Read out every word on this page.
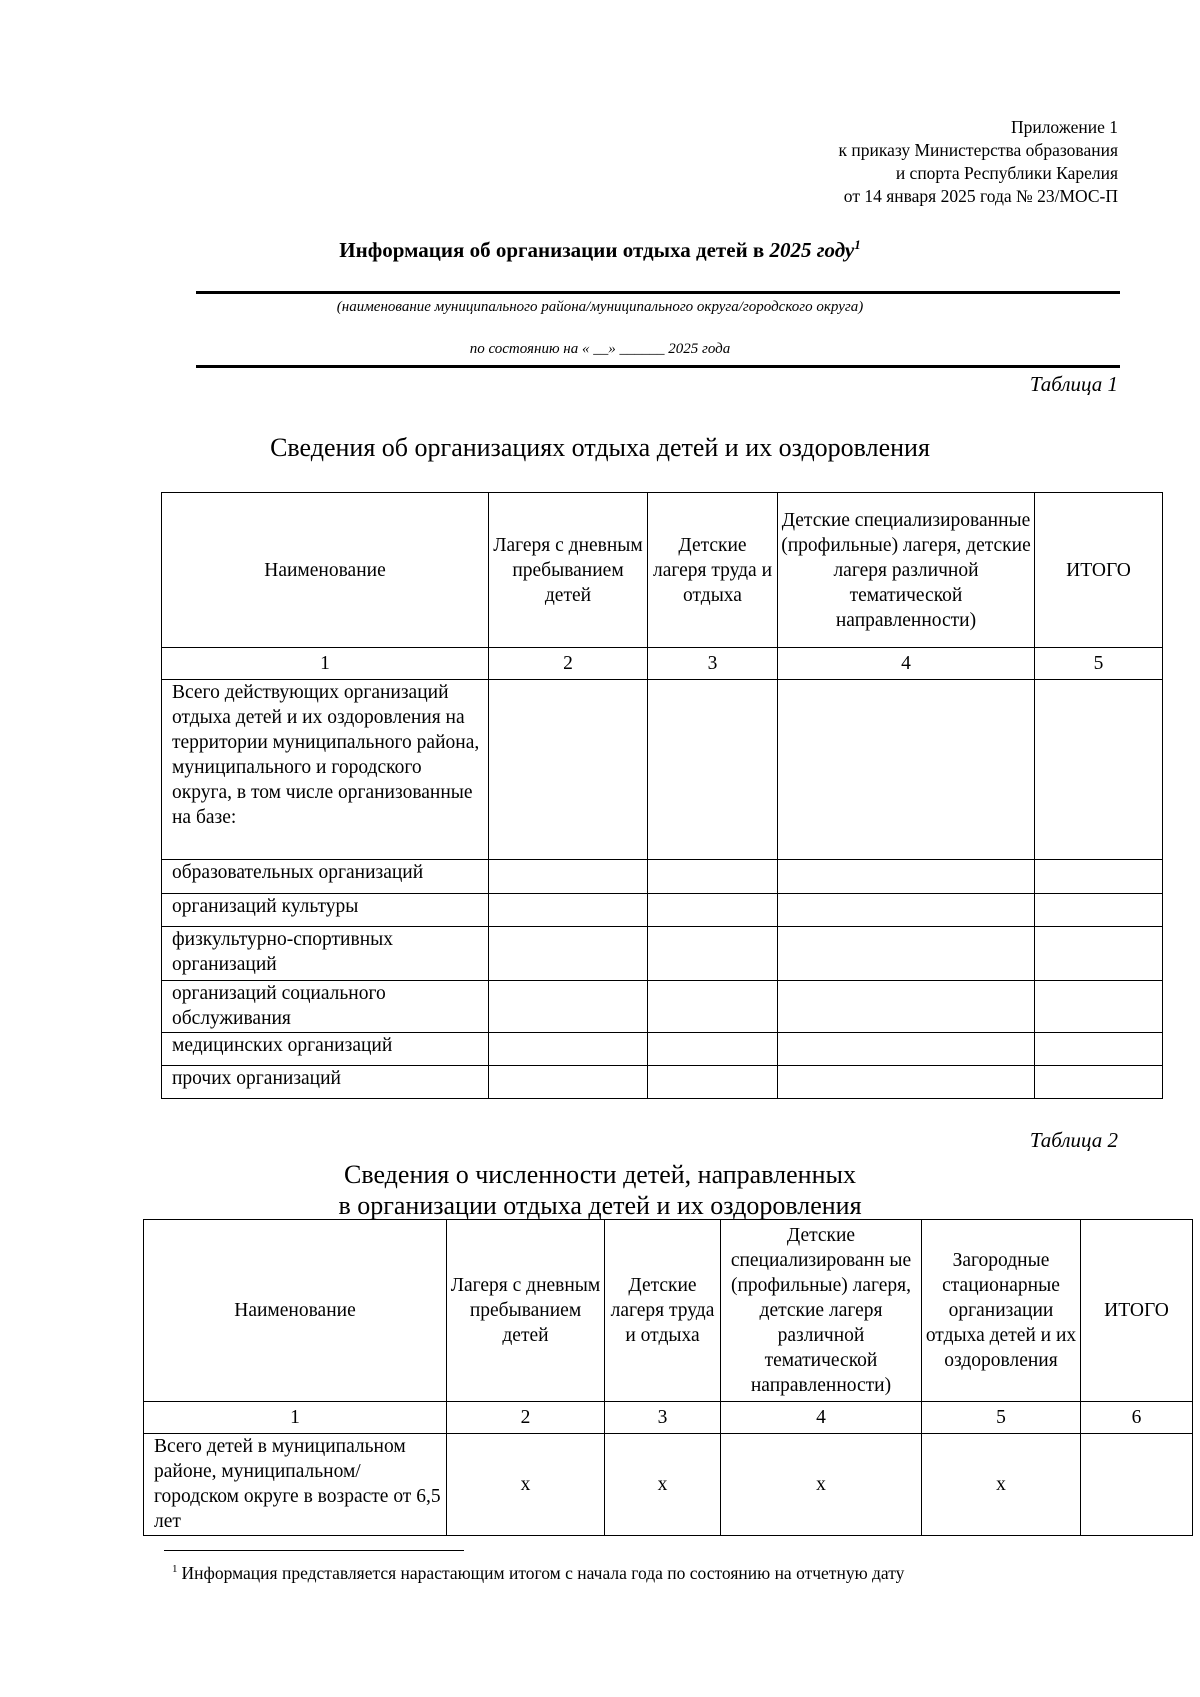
Приложение 1
к приказу Министерства образования
и спорта Республики Карелия
от 14 января 2025 года № 23/МОС-П
Информация об организации отдыха детей в 2025 году$^1$
(наименование муниципального района/муниципального округа/городского округа)
по состоянию на « __» ______ 2025 года
Таблица 1
Сведения об организациях отдыха детей и их оздоровления
Наименование	Лагеря с дневным пребыванием детей	Детские лагеря труда и отдыха	Детские специализированные (профильные) лагеря, детские лагеря различной тематической направленности)	ИТОГО
1	2	3	4	5
Всего действующих организаций отдыха детей и их оздоровления на территории муниципального района, муниципального и городского округа, в том числе организованные на базе:				
образовательных организаций				
организаций культуры				
физкультурно-спортивных организаций				
организаций социального обслуживания				
медицинских организаций				
прочих организаций				
Таблица 2
Сведения о численности детей, направленных
в организации отдыха детей и их оздоровления
Наименование	Лагеря с дневным пребыванием детей	Детские лагеря труда и отдыха	Детские специализированн ые (профильные) лагеря, детские лагеря различной тематической направленности)	Загородные стационарные организации отдыха детей и их оздоровления	ИТОГО
1	2	3	4	5	6
Всего детей в муниципальном районе, муниципальном/городском округе в возрасте от 6,5 лет	х	х	х	х	
$^1$ Информация представляется нарастающим итогом с начала года по состоянию на отчетную дату
